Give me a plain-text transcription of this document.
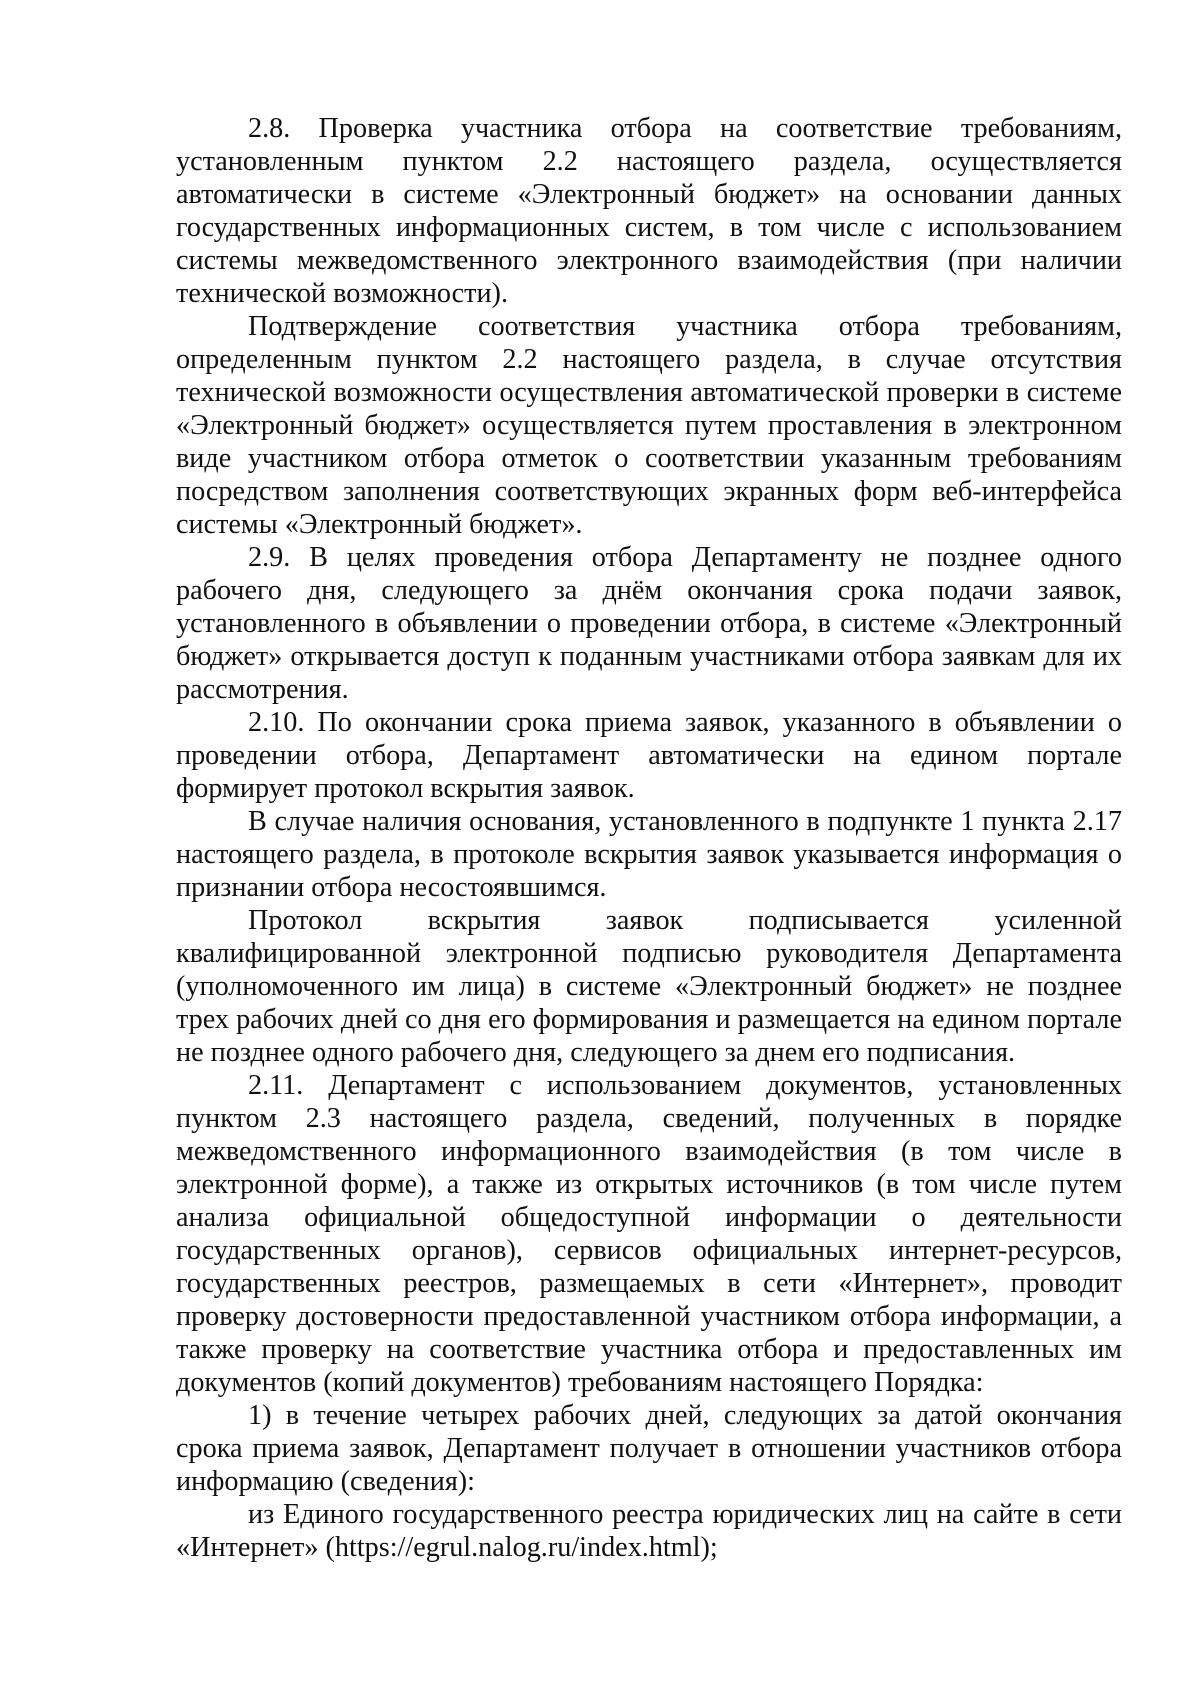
2.8. Проверка участника отбора на соответствие требованиям, установленным пунктом 2.2 настоящего раздела, осуществляется автоматически в системе «Электронный бюджет» на основании данных государственных информационных систем, в том числе с использованием системы межведомственного электронного взаимодействия (при наличии технической возможности).

Подтверждение соответствия участника отбора требованиям, определенным пунктом 2.2 настоящего раздела, в случае отсутствия технической возможности осуществления автоматической проверки в системе «Электронный бюджет» осуществляется путем проставления в электронном виде участником отбора отметок о соответствии указанным требованиям посредством заполнения соответствующих экранных форм веб-интерфейса системы «Электронный бюджет».

2.9. В целях проведения отбора Департаменту не позднее одного рабочего дня, следующего за днём окончания срока подачи заявок, установленного в объявлении о проведении отбора, в системе «Электронный бюджет» открывается доступ к поданным участниками отбора заявкам для их рассмотрения.

2.10. По окончании срока приема заявок, указанного в объявлении о проведении отбора, Департамент автоматически на едином портале формирует протокол вскрытия заявок.

В случае наличия основания, установленного в подпункте 1 пункта 2.17 настоящего раздела, в протоколе вскрытия заявок указывается информация о признании отбора несостоявшимся.

Протокол вскрытия заявок подписывается усиленной квалифицированной электронной подписью руководителя Департамента (уполномоченного им лица) в системе «Электронный бюджет» не позднее трех рабочих дней со дня его формирования и размещается на едином портале не позднее одного рабочего дня, следующего за днем его подписания.

2.11. Департамент с использованием документов, установленных пунктом 2.3 настоящего раздела, сведений, полученных в порядке межведомственного информационного взаимодействия (в том числе в электронной форме), а также из открытых источников (в том числе путем анализа официальной общедоступной информации о деятельности государственных органов), сервисов официальных интернет-ресурсов, государственных реестров, размещаемых в сети «Интернет», проводит проверку достоверности предоставленной участником отбора информации, а также проверку на соответствие участника отбора и предоставленных им документов (копий документов) требованиям настоящего Порядка:

1) в течение четырех рабочих дней, следующих за датой окончания срока приема заявок, Департамент получает в отношении участников отбора информацию (сведения):

из Единого государственного реестра юридических лиц на сайте в сети «Интернет» (https://egrul.nalog.ru/index.html);
